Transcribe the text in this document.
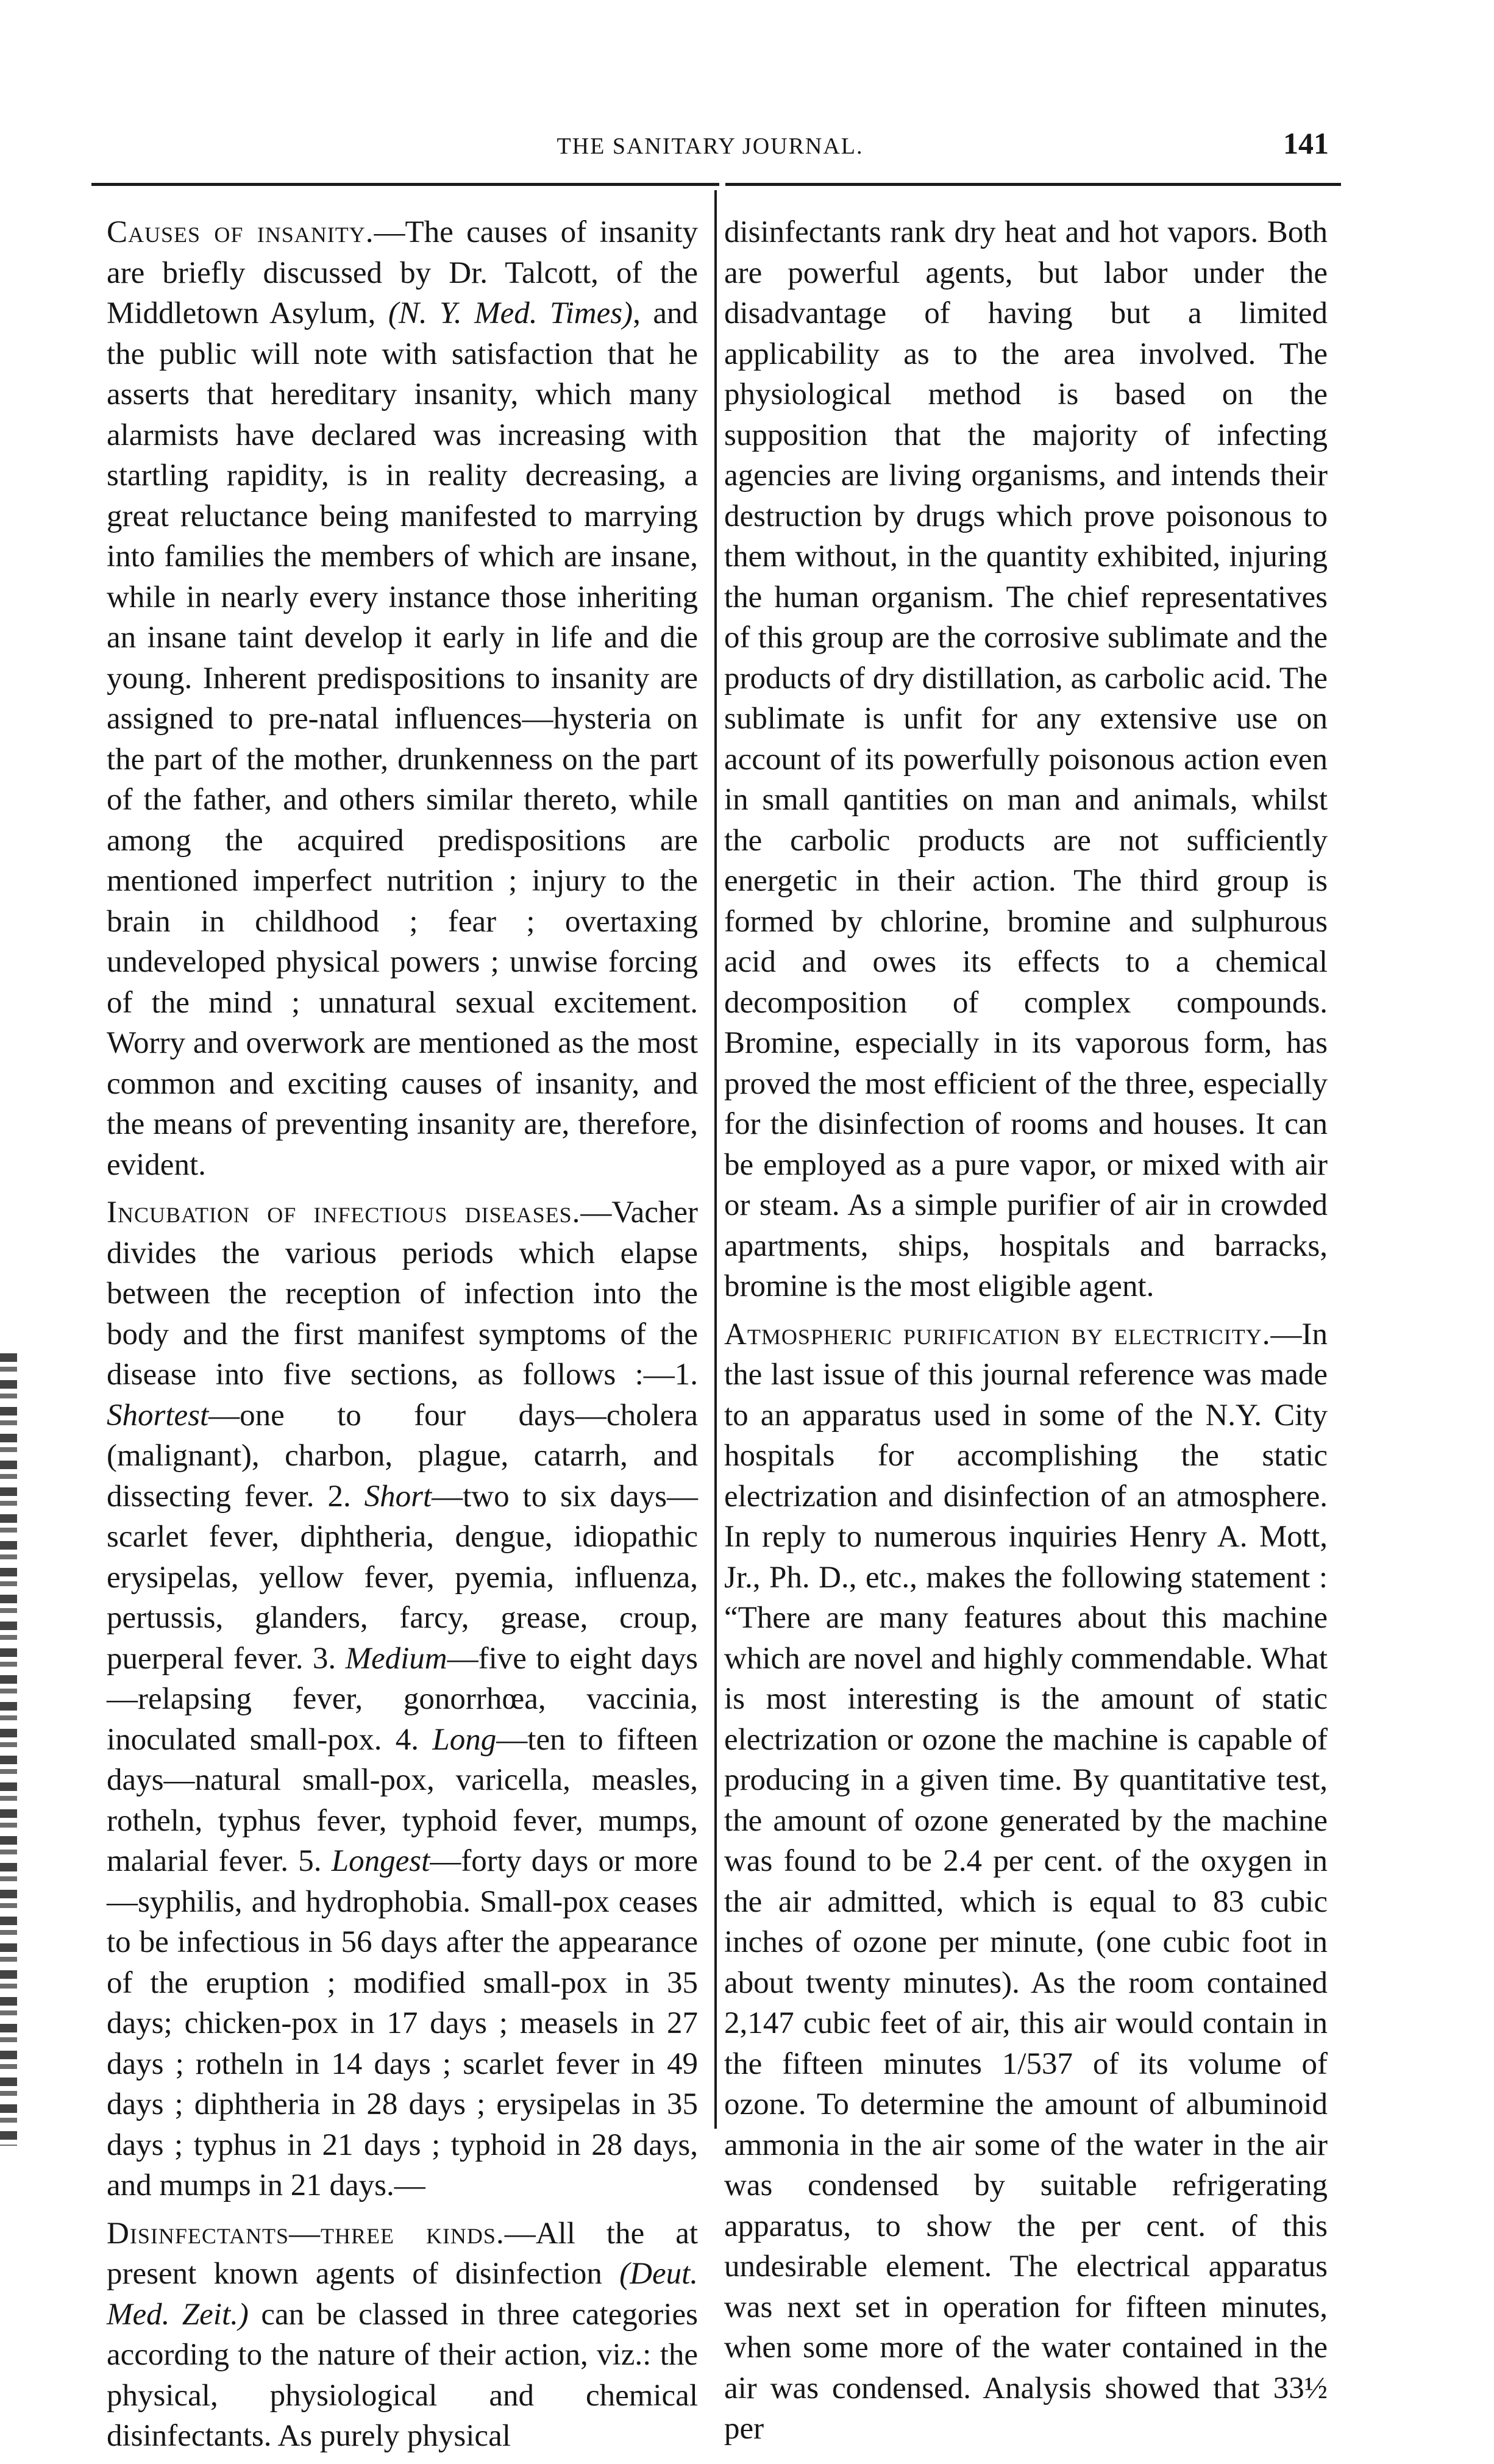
THE SANITARY JOURNAL.	141

Causes of insanity.—The causes of insanity are briefly discussed by Dr. Talcott, of the Middletown Asylum, (N. Y. Med. Times), and the public will note with satisfaction that he asserts that hereditary insanity, which many alarmists have declared was increasing with startling rapidity, is in reality decreasing, a great reluctance being manifested to marrying into families the members of which are insane, while in nearly every instance those inheriting an insane taint develop it early in life and die young. Inherent predispositions to insanity are assigned to pre-natal influences—hysteria on the part of the mother, drunkenness on the part of the father, and others similar thereto, while among the acquired predispositions are mentioned imperfect nutrition ; injury to the brain in childhood ; fear ; overtaxing undeveloped physical powers ; unwise forcing of the mind ; unnatural sexual excitement. Worry and overwork are mentioned as the most common and exciting causes of insanity, and the means of preventing insanity are, therefore, evident.

Incubation of infectious diseases.—Vacher divides the various periods which elapse between the reception of infection into the body and the first manifest symptoms of the disease into five sections, as follows :—1. Shortest—one to four days—cholera (malignant), charbon, plague, catarrh, and dissecting fever. 2. Short—two to six days—scarlet fever, diphtheria, dengue, idiopathic erysipelas, yellow fever, pyemia, influenza, pertussis, glanders, farcy, grease, croup, puerperal fever. 3. Medium—five to eight days—relapsing fever, gonorrhœa, vaccinia, inoculated small-pox. 4. Long—ten to fifteen days—natural small-pox, varicella, measles, rotheln, typhus fever, typhoid fever, mumps, malarial fever. 5. Longest—forty days or more—syphilis, and hydrophobia. Small-pox ceases to be infectious in 56 days after the appearance of the eruption ; modified small-pox in 35 days; chicken-pox in 17 days ; measels in 27 days ; rotheln in 14 days ; scarlet fever in 49 days ; diphtheria in 28 days ; erysipelas in 35 days ; typhus in 21 days ; typhoid in 28 days, and mumps in 21 days.—

Disinfectants—three kinds.—All the at present known agents of disinfection (Deut. Med. Zeit.) can be classed in three categories according to the nature of their action, viz.: the physical, physiological and chemical disinfectants. As purely physical

disinfectants rank dry heat and hot vapors. Both are powerful agents, but labor under the disadvantage of having but a limited applicability as to the area involved. The physiological method is based on the supposition that the majority of infecting agencies are living organisms, and intends their destruction by drugs which prove poisonous to them without, in the quantity exhibited, injuring the human organism. The chief representatives of this group are the corrosive sublimate and the products of dry distillation, as carbolic acid. The sublimate is unfit for any extensive use on account of its powerfully poisonous action even in small qantities on man and animals, whilst the carbolic products are not sufficiently energetic in their action. The third group is formed by chlorine, bromine and sulphurous acid and owes its effects to a chemical decomposition of complex compounds. Bromine, especially in its vaporous form, has proved the most efficient of the three, especially for the disinfection of rooms and houses. It can be employed as a pure vapor, or mixed with air or steam. As a simple purifier of air in crowded apartments, ships, hospitals and barracks, bromine is the most eligible agent.

Atmospheric purification by electricity.—In the last issue of this journal reference was made to an apparatus used in some of the N.Y. City hospitals for accomplishing the static electrization and disinfection of an atmosphere. In reply to numerous inquiries Henry A. Mott, Jr., Ph. D., etc., makes the following statement : “There are many features about this machine which are novel and highly commendable. What is most interesting is the amount of static electrization or ozone the machine is capable of producing in a given time. By quantitative test, the amount of ozone generated by the machine was found to be 2.4 per cent. of the oxygen in the air admitted, which is equal to 83 cubic inches of ozone per minute, (one cubic foot in about twenty minutes). As the room contained 2,147 cubic feet of air, this air would contain in the fifteen minutes 1/537 of its volume of ozone. To determine the amount of albuminoid ammonia in the air some of the water in the air was condensed by suitable refrigerating apparatus, to show the per cent. of this undesirable element. The electrical apparatus was next set in operation for fifteen minutes, when some more of the water contained in the air was condensed. Analysis showed that 33½ per
